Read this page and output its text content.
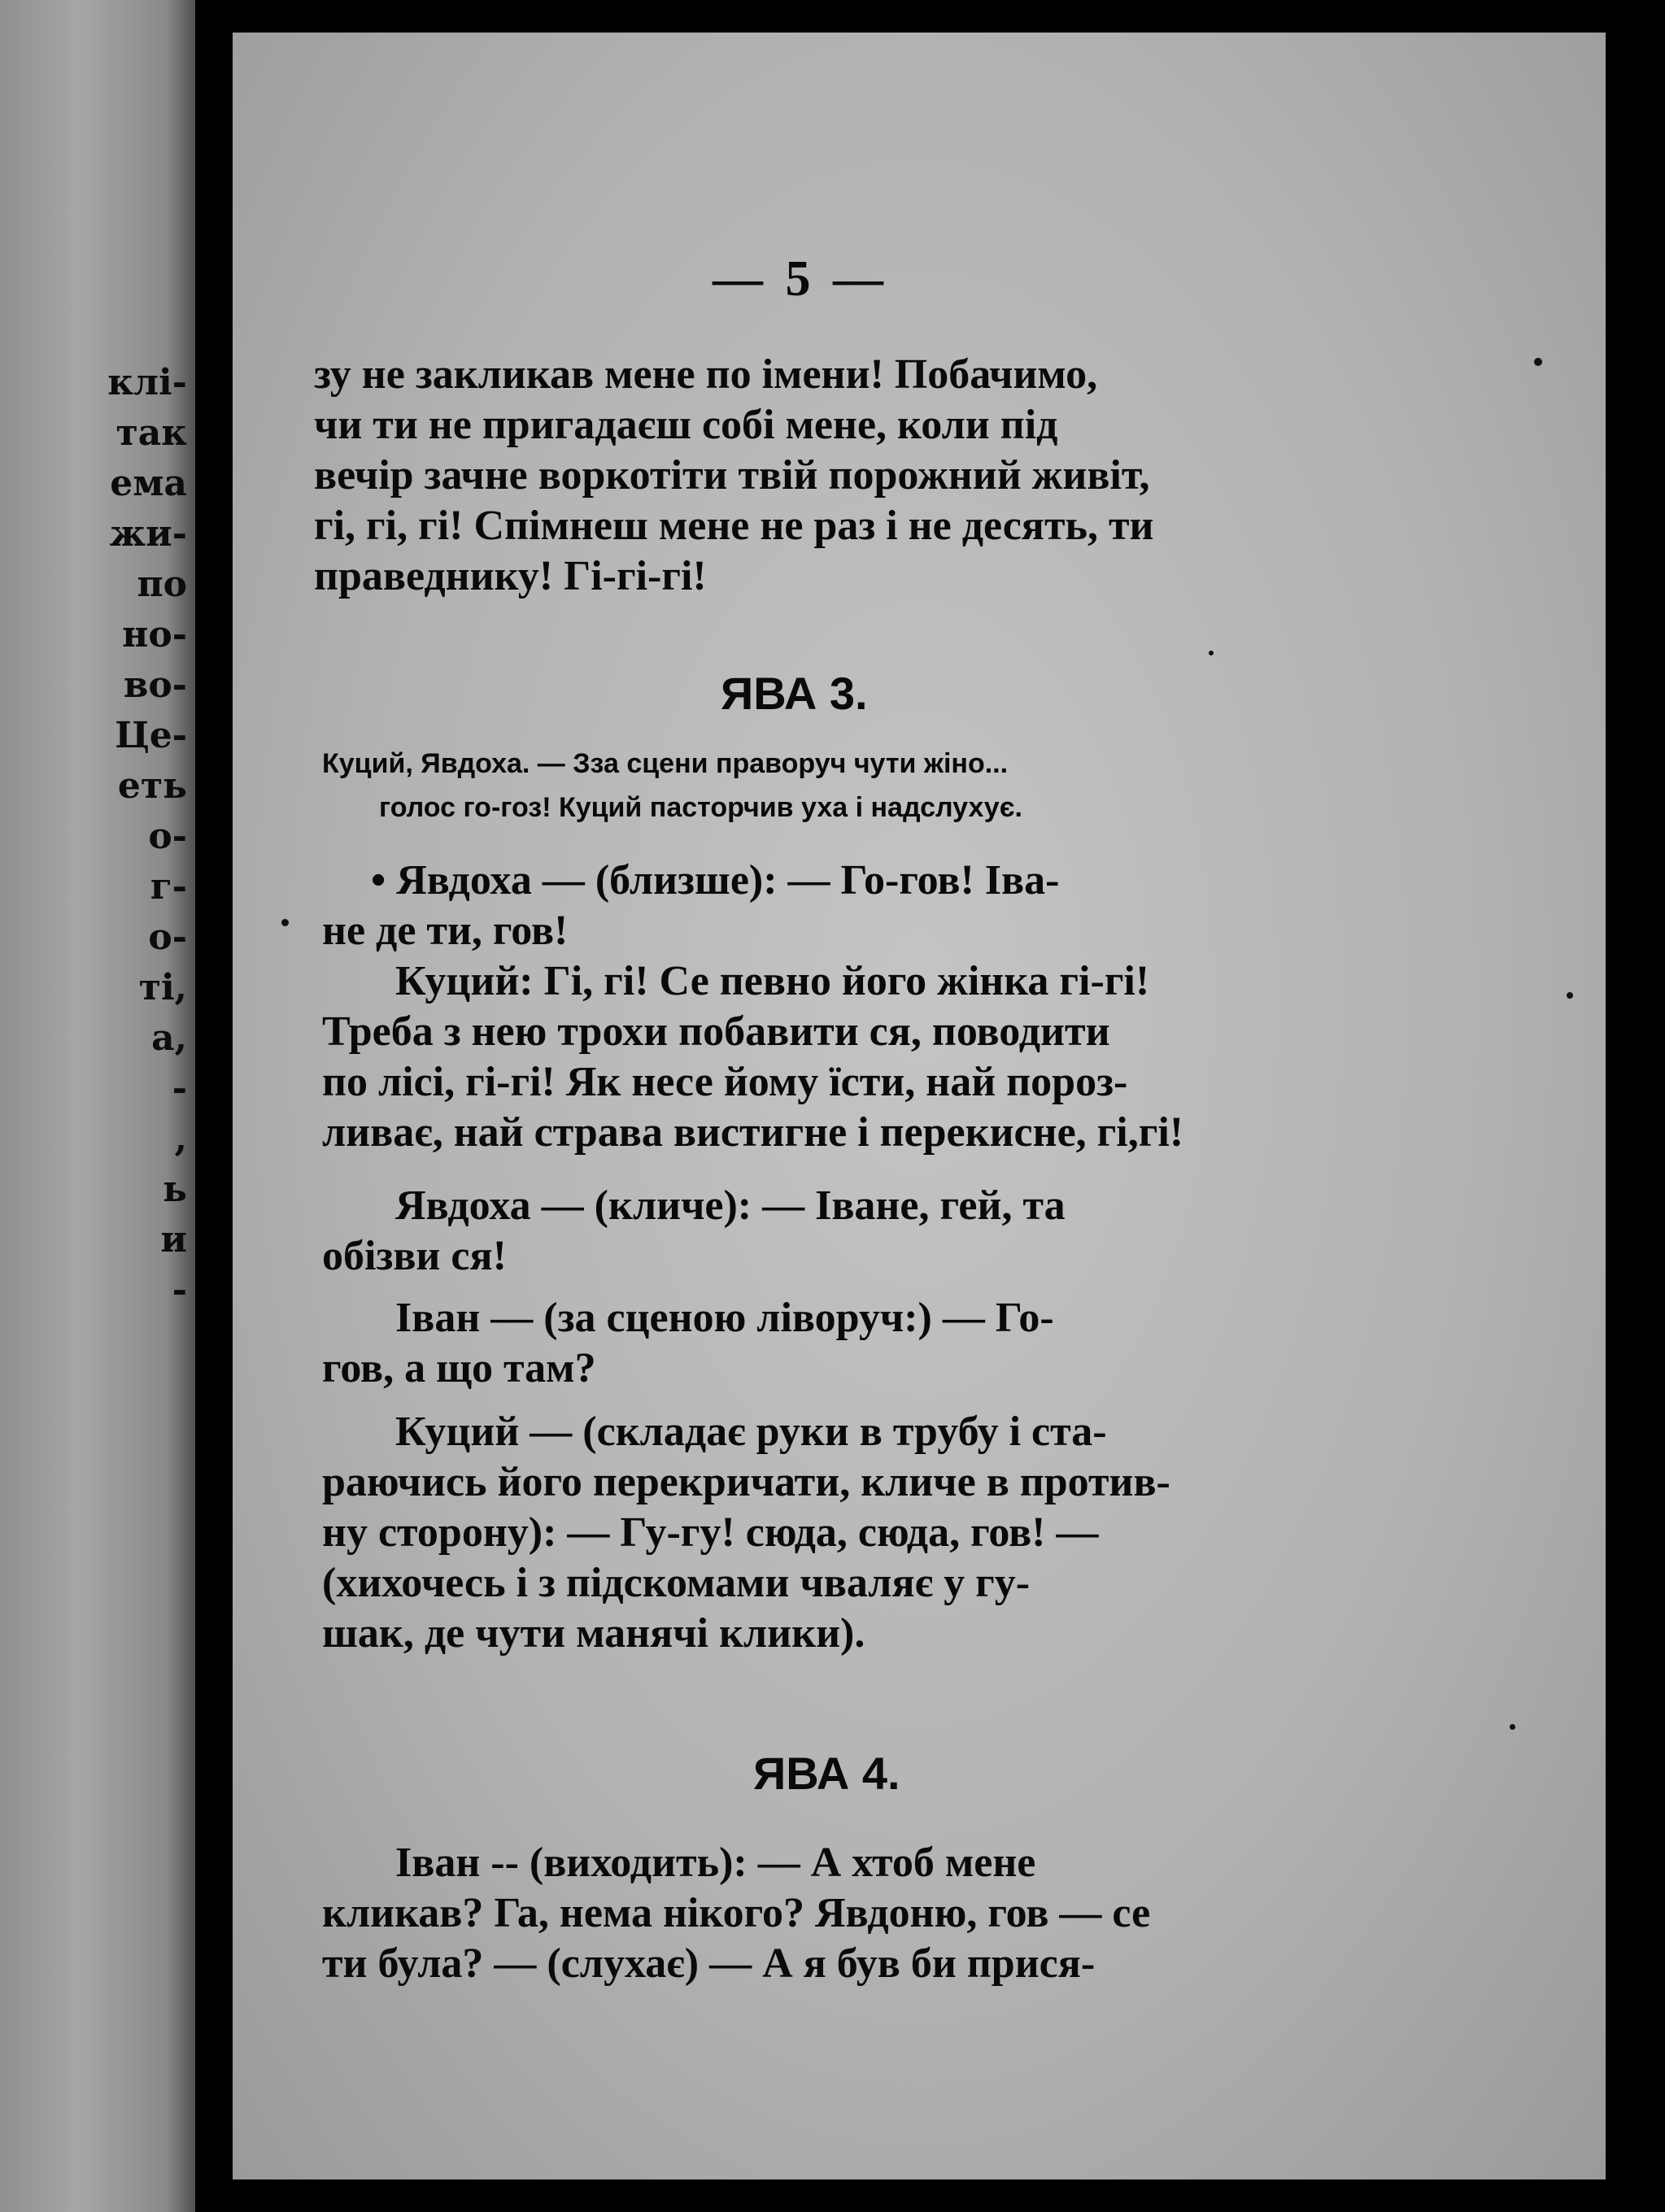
клі-
так
ема
жи-
по
но-
во-
Це-
еть
о-
г-
о-
ті,
а,
-
,
ь
и
-
— 5 —
зу не закликав мене по імени! Побачимо,
чи ти не пригадаєш собі мене, коли під
вечір зачне воркотіти твій порожний живіт,
гі, гі, гі! Спімнеш мене не раз і не десять, ти
праведнику! Гі-гі-гі!
ЯВА 3.
Куций, Явдоха. — Зза сцени праворуч чути жіно...
голос го-гоз! Куций пасторчив уха і надслухує.
• Явдоха — (близше): — Го-гов! Іва-
не де ти, гов!
Куций: Гі, гі! Се певно його жінка гі-гі!
Треба з нею трохи побавити ся, поводити
по лісі, гі-гі! Як несе йому їсти, най пороз-
ливає, най страва вистигне і перекисне, гі,гі!
Явдоха — (кличе): — Іване, гей, та
обізви ся!
Іван — (за сценою ліворуч:) — Го-
гов, а що там?
Куций — (складає руки в трубу і ста-
раючись його перекричати, кличе в против-
ну сторону): — Гу-гу! сюда, сюда, гов! —
(хихочесь і з підскомами чваляє у гу-
шак, де чути манячі клики).
ЯВА 4.
Іван -- (виходить): — А хтоб мене
кликав? Га, нема нікого? Явдоню, гов — се
ти була? — (слухає) — А я був би прися-
